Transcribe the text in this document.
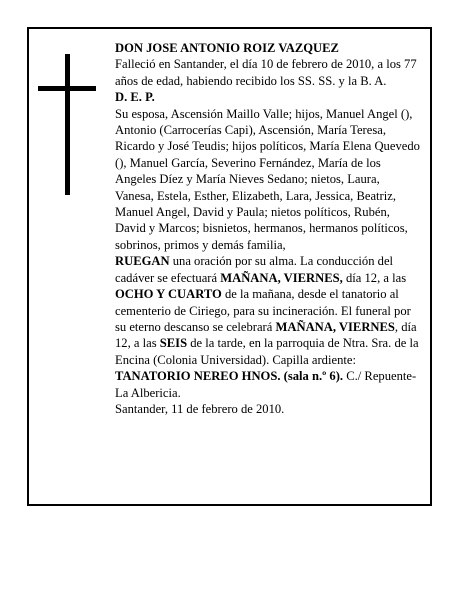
DON JOSE ANTONIO ROIZ VAZQUEZ

Falleció en Santander, el día 10 de febrero de 2010, a los 77 años de edad, habiendo recibido los SS. SS. y la B. A.

D. E. P.

Su esposa, Ascensión Maillo Valle; hijos, Manuel Angel (), Antonio (Carrocerías Capi), Ascensión, María Teresa, Ricardo y José Teudis; hijos políticos, María Elena Quevedo (), Manuel García, Severino Fernández, María de los Angeles Díez y María Nieves Sedano; nietos, Laura, Vanesa, Estela, Esther, Elizabeth, Lara, Jessica, Beatriz, Manuel Angel, David y Paula; nietos políticos, Rubén, David y Marcos; bisnietos, hermanos, hermanos políticos, sobrinos, primos y demás familia,

RUEGAN una oración por su alma. La conducción del cadáver se efectuará MAÑANA, VIERNES, día 12, a las OCHO Y CUARTO de la mañana, desde el tanatorio al cementerio de Ciriego, para su incineración. El funeral por su eterno descanso se celebrará MAÑANA, VIERNES, día 12, a las SEIS de la tarde, en la parroquia de Ntra. Sra. de la Encina (Colonia Universidad). Capilla ardiente: TANATORIO NEREO HNOS. (sala n.º 6). C./ Repuente-La Albericia.

Santander, 11 de febrero de 2010.
